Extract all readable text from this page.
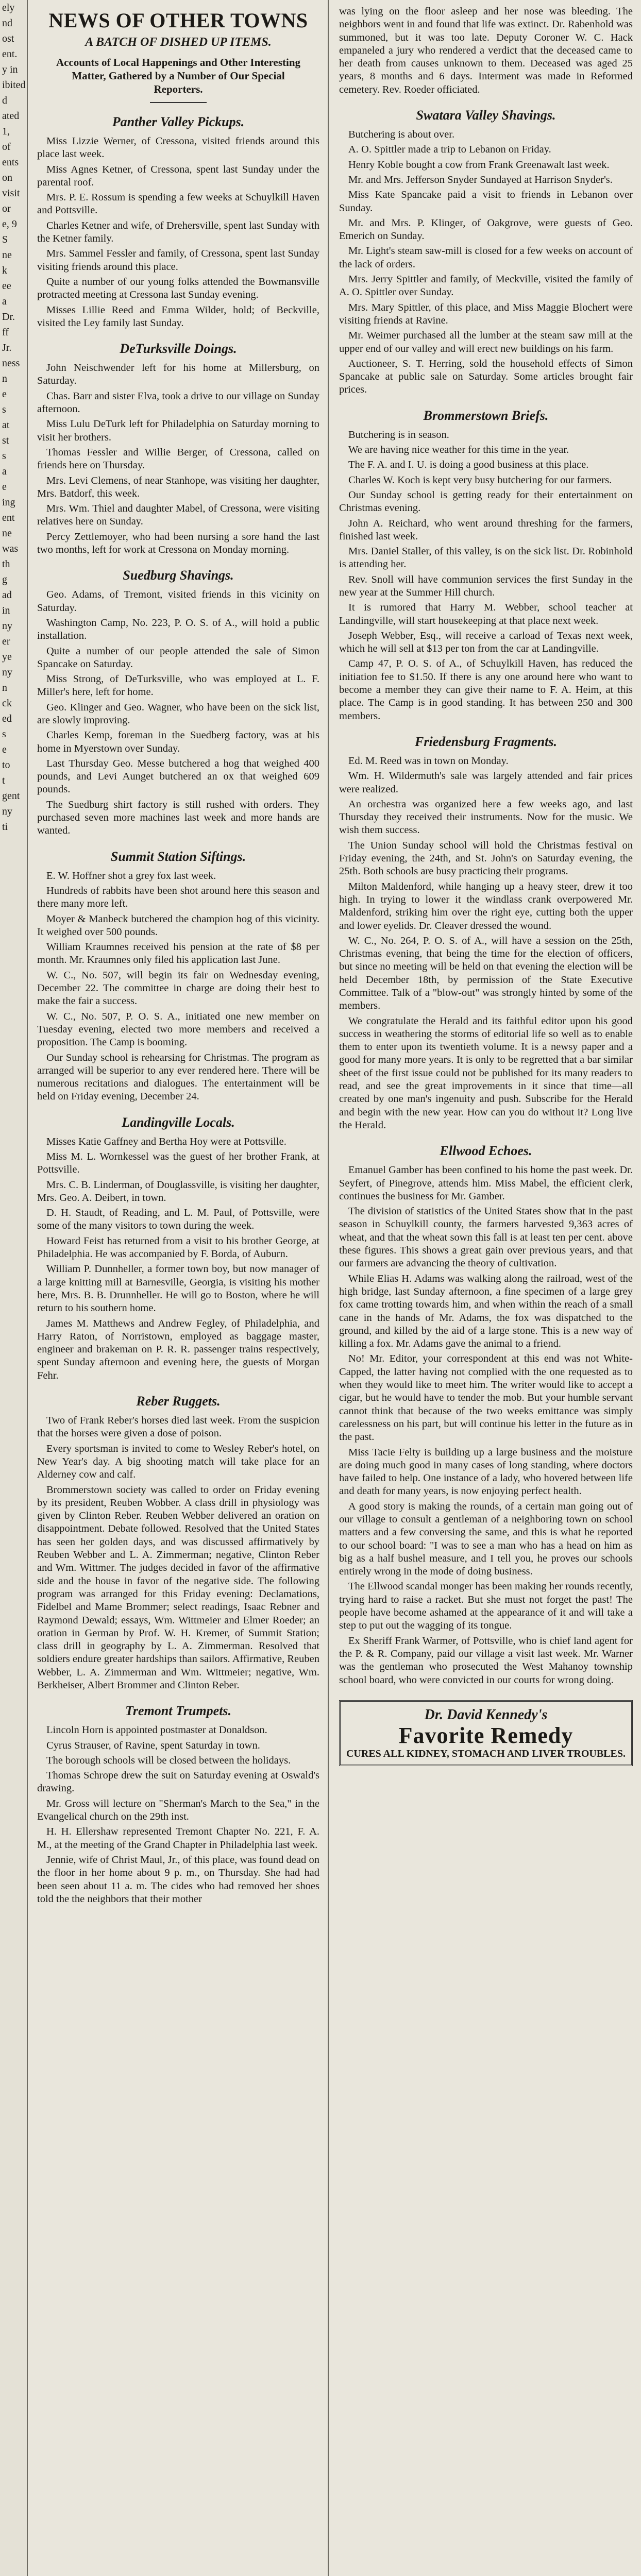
ely
nd
ost
ent.
y in
ibited
d
ated
1,
of
ents
on
visit
or
e, 9
S
ne
k
ee
a
Dr.
ff
Jr.
ness
n
e
s
at
st
s
a
e
ing
ent
ne
was
th
g
ad
in
ny
er
ye
ny
n
ck
ed
s
e
to
t
gent
ny
ti
NEWS OF OTHER TOWNS
A BATCH OF DISHED UP ITEMS.
Accounts of Local Happenings and Other Interesting Matter, Gathered by a Number of Our Special Reporters.
Panther Valley Pickups.
Miss Lizzie Werner, of Cressona, visited friends around this place last week.
Miss Agnes Ketner, of Cressona, spent last Sunday under the parental roof.
Mrs. P. E. Rossum is spending a few weeks at Schuylkill Haven and Pottsville.
Charles Ketner and wife, of Drehersville, spent last Sunday with the Ketner family.
Mrs. Sammel Fessler and family, of Cressona, spent last Sunday visiting friends around this place.
Quite a number of our young folks attended the Bowmansville protracted meeting at Cressona last Sunday evening.
Misses Lillie Reed and Emma Wilder, hold; of Beckville, visited the Ley family last Sunday.
DeTurksville Doings.
John Neischwender left for his home at Millersburg, on Saturday.
Chas. Barr and sister Elva, took a drive to our village on Sunday afternoon.
Miss Lulu DeTurk left for Philadelphia on Saturday morning to visit her brothers.
Thomas Fessler and Willie Berger, of Cressona, called on friends here on Thursday.
Mrs. Levi Clemens, of near Stanhope, was visiting her daughter, Mrs. Batdorf, this week.
Mrs. Wm. Thiel and daughter Mabel, of Cressona, were visiting relatives here on Sunday.
Percy Zettlemoyer, who had been nursing a sore hand the last two months, left for work at Cressona on Monday morning.
Suedburg Shavings.
Geo. Adams, of Tremont, visited friends in this vicinity on Saturday.
Washington Camp, No. 223, P. O. S. of A., will hold a public installation.
Quite a number of our people attended the sale of Simon Spancake on Saturday.
Miss Strong, of DeTurksville, who was employed at L. F. Miller's here, left for home.
Geo. Klinger and Geo. Wagner, who have been on the sick list, are slowly improving.
Charles Kemp, foreman in the Suedberg factory, was at his home in Myerstown over Sunday.
Last Thursday Geo. Messe butchered a hog that weighed 400 pounds, and Levi Aunget butchered an ox that weighed 609 pounds.
The Suedburg shirt factory is still rushed with orders. They purchased seven more machines last week and more hands are wanted.
Summit Station Siftings.
E. W. Hoffner shot a grey fox last week.
Hundreds of rabbits have been shot around here this season and there many more left.
Moyer & Manbeck butchered the champion hog of this vicinity. It weighed over 500 pounds.
William Kraumnes received his pension at the rate of $8 per month. Mr. Kraumnes only filed his application last June.
W. C., No. 507, will begin its fair on Wednesday evening, December 22. The committee in charge are doing their best to make the fair a success.
W. C., No. 507, P. O. S. A., initiated one new member on Tuesday evening, elected two more members and received a proposition. The Camp is booming.
Our Sunday school is rehearsing for Christmas. The program as arranged will be superior to any ever rendered here. There will be numerous recitations and dialogues. The entertainment will be held on Friday evening, December 24.
Landingville Locals.
Misses Katie Gaffney and Bertha Hoy were at Pottsville.
Miss M. L. Wornkessel was the guest of her brother Frank, at Pottsville.
Mrs. C. B. Linderman, of Douglassville, is visiting her daughter, Mrs. Geo. A. Deibert, in town.
D. H. Staudt, of Reading, and L. M. Paul, of Pottsville, were some of the many visitors to town during the week.
Howard Feist has returned from a visit to his brother George, at Philadelphia. He was accompanied by F. Borda, of Auburn.
William P. Dunnheller, a former town boy, but now manager of a large knitting mill at Barnesville, Georgia, is visiting his mother here, Mrs. B. B. Drunnheller. He will go to Boston, where he will return to his southern home.
James M. Matthews and Andrew Fegley, of Philadelphia, and Harry Raton, of Norristown, employed as baggage master, engineer and brakeman on P. R. R. passenger trains respectively, spent Sunday afternoon and evening here, the guests of Morgan Fehr.
Reber Ruggets.
Two of Frank Reber's horses died last week. From the suspicion that the horses were given a dose of poison.
Every sportsman is invited to come to Wesley Reber's hotel, on New Year's day. A big shooting match will take place for an Alderney cow and calf.
Brommerstown society was called to order on Friday evening by its president, Reuben Wobber. A class drill in physiology was given by Clinton Reber. Reuben Webber delivered an oration on disappointment. Debate followed. Resolved that the United States has seen her golden days, and was discussed affirmatively by Reuben Webber and L. A. Zimmerman; negative, Clinton Reber and Wm. Wittmer. The judges decided in favor of the affirmative side and the house in favor of the negative side. The following program was arranged for this Friday evening: Declamations, Fidelbel and Mame Brommer; select readings, Isaac Rebner and Raymond Dewald; essays, Wm. Wittmeier and Elmer Roeder; an oration in German by Prof. W. H. Kremer, of Summit Station; class drill in geography by L. A. Zimmerman. Resolved that soldiers endure greater hardships than sailors. Affirmative, Reuben Webber, L. A. Zimmerman and Wm. Wittmeier; negative, Wm. Berkheiser, Albert Brommer and Clinton Reber.
Tremont Trumpets.
Lincoln Horn is appointed postmaster at Donaldson.
Cyrus Strauser, of Ravine, spent Saturday in town.
The borough schools will be closed between the holidays.
Thomas Schrope drew the suit on Saturday evening at Oswald's drawing.
Mr. Gross will lecture on "Sherman's March to the Sea," in the Evangelical church on the 29th inst.
H. H. Ellershaw represented Tremont Chapter No. 221, F. A. M., at the meeting of the Grand Chapter in Philadelphia last week.
Jennie, wife of Christ Maul, Jr., of this place, was found dead on the floor in her home about 9 p. m., on Thursday. She had had been seen about 11 a. m. The cides who had removed her shoes told the the neighbors that their mother
was lying on the floor asleep and her nose was bleeding. The neighbors went in and found that life was extinct. Dr. Rabenhold was summoned, but it was too late. Deputy Coroner W. C. Hack empaneled a jury who rendered a verdict that the deceased came to her death from causes unknown to them. Deceased was aged 25 years, 8 months and 6 days. Interment was made in Reformed cemetery. Rev. Roeder officiated.
Swatara Valley Shavings.
Butchering is about over.
A. O. Spittler made a trip to Lebanon on Friday.
Henry Koble bought a cow from Frank Greenawalt last week.
Mr. and Mrs. Jefferson Snyder Sundayed at Harrison Snyder's.
Miss Kate Spancake paid a visit to friends in Lebanon over Sunday.
Mr. and Mrs. P. Klinger, of Oakgrove, were guests of Geo. Emerich on Sunday.
Mr. Light's steam saw-mill is closed for a few weeks on account of the lack of orders.
Mrs. Jerry Spittler and family, of Meckville, visited the family of A. O. Spittler over Sunday.
Mrs. Mary Spittler, of this place, and Miss Maggie Blochert were visiting friends at Ravine.
Mr. Weimer purchased all the lumber at the steam saw mill at the upper end of our valley and will erect new buildings on his farm.
Auctioneer, S. T. Herring, sold the household effects of Simon Spancake at public sale on Saturday. Some articles brought fair prices.
Brommerstown Briefs.
Butchering is in season.
We are having nice weather for this time in the year.
The F. A. and I. U. is doing a good business at this place.
Charles W. Koch is kept very busy butchering for our farmers.
Our Sunday school is getting ready for their entertainment on Christmas evening.
John A. Reichard, who went around threshing for the farmers, finished last week.
Mrs. Daniel Staller, of this valley, is on the sick list. Dr. Robinhold is attending her.
Rev. Snoll will have communion services the first Sunday in the new year at the Summer Hill church.
It is rumored that Harry M. Webber, school teacher at Landingville, will start housekeeping at that place next week.
Joseph Webber, Esq., will receive a carload of Texas next week, which he will sell at $13 per ton from the car at Landingville.
Camp 47, P. O. S. of A., of Schuylkill Haven, has reduced the initiation fee to $1.50. If there is any one around here who want to become a member they can give their name to F. A. Heim, at this place. The Camp is in good standing. It has between 250 and 300 members.
Friedensburg Fragments.
Ed. M. Reed was in town on Monday.
Wm. H. Wildermuth's sale was largely attended and fair prices were realized.
An orchestra was organized here a few weeks ago, and last Thursday they received their instruments. Now for the music. We wish them success.
The Union Sunday school will hold the Christmas festival on Friday evening, the 24th, and St. John's on Saturday evening, the 25th. Both schools are busy practicing their programs.
Milton Maldenford, while hanging up a heavy steer, drew it too high. In trying to lower it the windlass crank overpowered Mr. Maldenford, striking him over the right eye, cutting both the upper and lower eyelids. Dr. Cleaver dressed the wound.
W. C., No. 264, P. O. S. of A., will have a session on the 25th, Christmas evening, that being the time for the election of officers, but since no meeting will be held on that evening the election will be held December 18th, by permission of the State Executive Committee. Talk of a "blow-out" was strongly hinted by some of the members.
We congratulate the Herald and its faithful editor upon his good success in weathering the storms of editorial life so well as to enable them to enter upon its twentieth volume. It is a newsy paper and a good for many more years. It is only to be regretted that a bar similar sheet of the first issue could not be published for its many readers to read, and see the great improvements in it since that time—all created by one man's ingenuity and push. Subscribe for the Herald and begin with the new year. How can you do without it? Long live the Herald.
Ellwood Echoes.
Emanuel Gamber has been confined to his home the past week. Dr. Seyfert, of Pinegrove, attends him. Miss Mabel, the efficient clerk, continues the business for Mr. Gamber.
The division of statistics of the United States show that in the past season in Schuylkill county, the farmers harvested 9,363 acres of wheat, and that the wheat sown this fall is at least ten per cent. above these figures. This shows a great gain over previous years, and that our farmers are advancing the theory of cultivation.
While Elias H. Adams was walking along the railroad, west of the high bridge, last Sunday afternoon, a fine specimen of a large grey fox came trotting towards him, and when within the reach of a small cane in the hands of Mr. Adams, the fox was dispatched to the ground, and killed by the aid of a large stone. This is a new way of killing a fox. Mr. Adams gave the animal to a friend.
No! Mr. Editor, your correspondent at this end was not White-Capped, the latter having not complied with the one requested as to when they would like to meet him. The writer would like to accept a cigar, but he would have to tender the mob. But your humble servant cannot think that because of the two weeks emittance was simply carelessness on his part, but will continue his letter in the future as in the past.
Miss Tacie Felty is building up a large business and the moisture are doing much good in many cases of long standing, where doctors have failed to help. One instance of a lady, who hovered between life and death for many years, is now enjoying perfect health.
A good story is making the rounds, of a certain man going out of our village to consult a gentleman of a neighboring town on school matters and a few conversing the same, and this is what he reported to our school board: "I was to see a man who has a head on him as big as a half bushel measure, and I tell you, he proves our schools entirely wrong in the mode of doing business.
The Ellwood scandal monger has been making her rounds recently, trying hard to raise a racket. But she must not forget the past! The people have become ashamed at the appearance of it and will take a step to put out the wagging of its tongue.
Ex Sheriff Frank Warmer, of Pottsville, who is chief land agent for the P. & R. Company, paid our village a visit last week. Mr. Warner was the gentleman who prosecuted the West Mahanoy township school board, who were convicted in our courts for wrong doing.
Dr. David Kennedy's
Favorite Remedy
CURES ALL KIDNEY, STOMACH AND LIVER TROUBLES.
